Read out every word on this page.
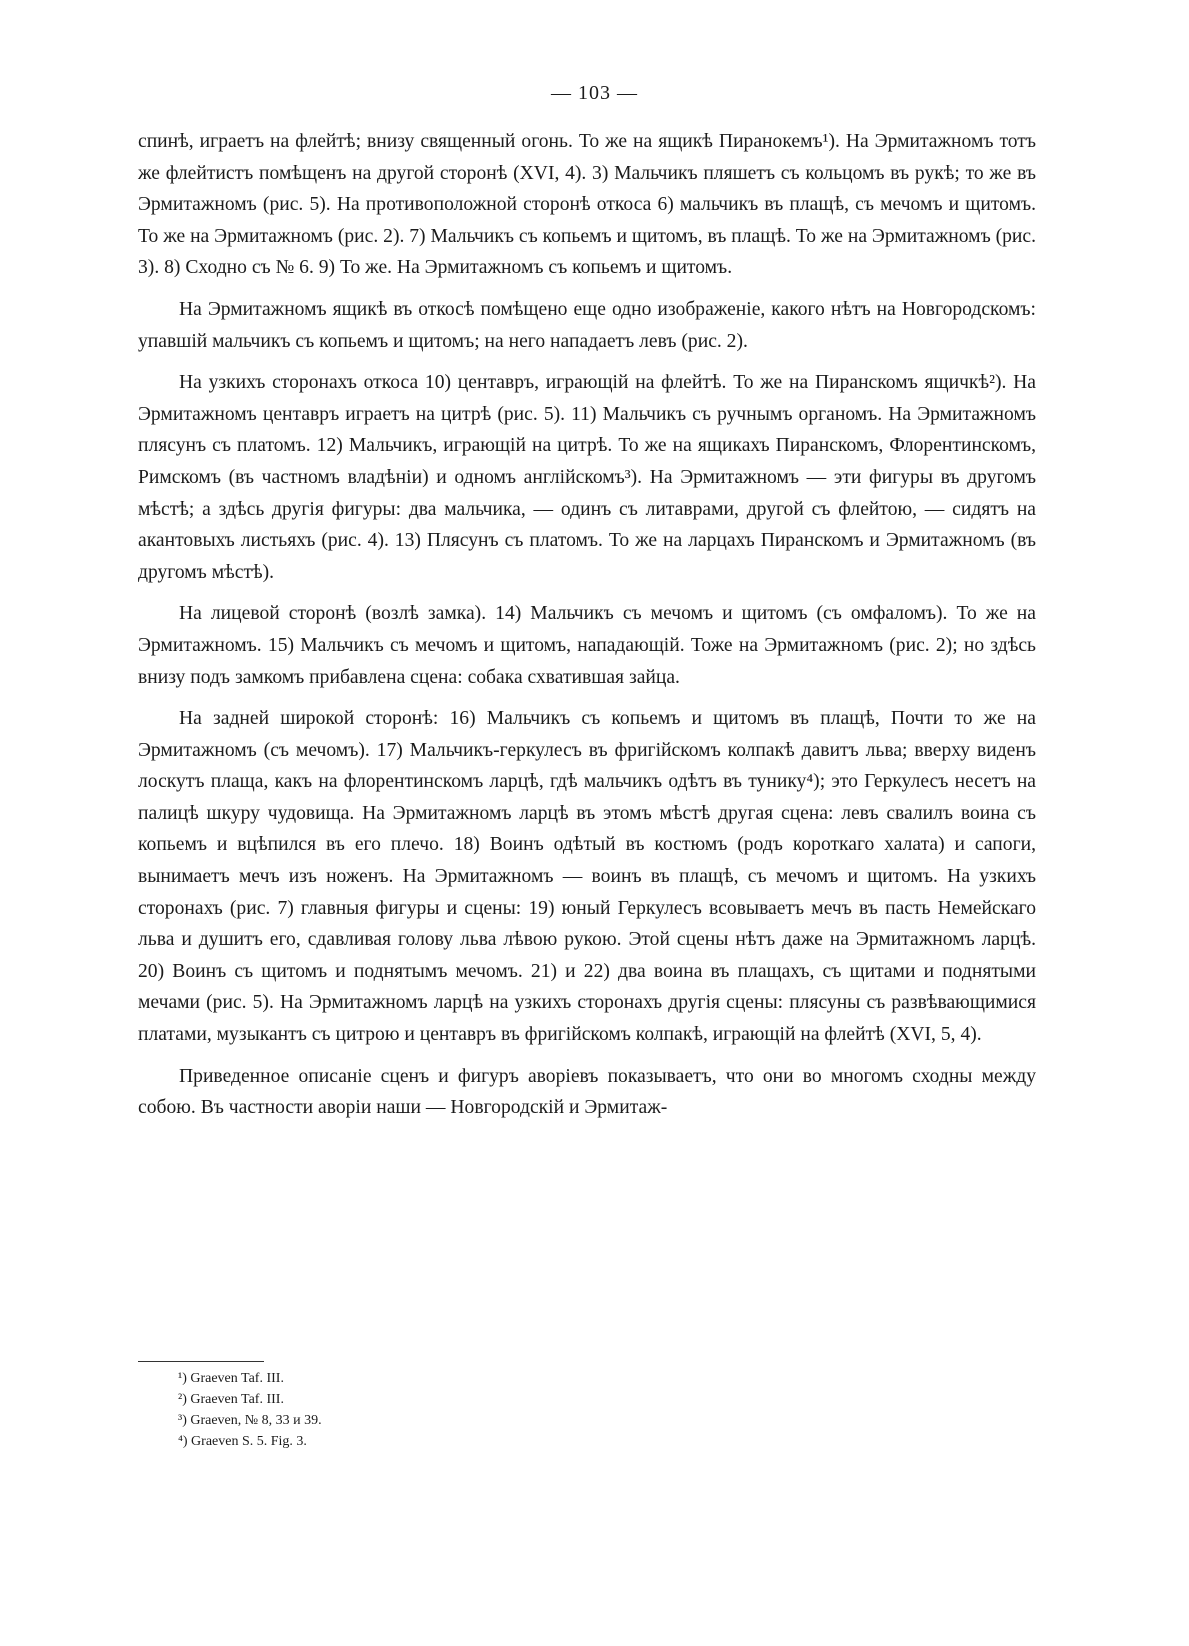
— 103 —

спинѣ, играетъ на флейтѣ; внизу священный огонь. То же на ящикѣ Пиранокемъ¹). На Эрмитажномъ тотъ же флейтистъ помѣщенъ на другой сторонѣ (XVI, 4). 3) Мальчикъ пляшетъ съ кольцомъ въ рукѣ; то же въ Эрмитажномъ (рис. 5). На противоположной сторонѣ откоса 6) мальчикъ въ плащѣ, съ мечомъ и щитомъ. То же на Эрмитажномъ (рис. 2). 7) Мальчикъ съ копьемъ и щитомъ, въ плащѣ. То же на Эрмитажномъ (рис. 3). 8) Сходно съ № 6. 9) То же. На Эрмитажномъ съ копьемъ и щитомъ.

На Эрмитажномъ ящикѣ въ откосѣ помѣщено еще одно изображенie, какого нѣтъ на Новгородскомъ: упавшій мальчикъ съ копьемъ и щитомъ; на него нападаетъ левъ (рис. 2).

На узкихъ сторонахъ откоса 10) центавръ, играющій на флейтѣ. То же на Пиранскомъ ящичкѣ²). На Эрмитажномъ центавръ играетъ на цитрѣ (рис. 5). 11) Мальчикъ съ ручнымъ органомъ. На Эрмитажномъ плясунъ съ платомъ. 12) Мальчикъ, играющій на цитрѣ. То же на ящикахъ Пиранскомъ, Флорентинскомъ, Римскомъ (въ частномъ владѣніи) и одномъ англійскомъ³). На Эрмитажномъ — эти фигуры въ другомъ мѣстѣ; а здѣсь другія фигуры: два мальчика, — одинъ съ литаврами, другой съ флейтою, — сидятъ на акантовыхъ листьяхъ (рис. 4). 13) Плясунъ съ платомъ. То же на ларцахъ Пиранскомъ и Эрмитажномъ (въ другомъ мѣстѣ).

На лицевой сторонѣ (возлѣ замка). 14) Мальчикъ съ мечомъ и щитомъ (съ омфаломъ). То же на Эрмитажномъ. 15) Мальчикъ съ мечомъ и щитомъ, нападающій. Тоже на Эрмитажномъ (рис. 2); но здѣсь внизу подъ замкомъ прибавлена сцена: собака схватившая зайца.

На задней широкой сторонѣ: 16) Мальчикъ съ копьемъ и щитомъ въ плащѣ, Почти то же на Эрмитажномъ (съ мечомъ). 17) Мальчикъ-геркулесъ въ фригійскомъ колпакѣ давитъ льва; вверху виденъ лоскутъ плаща, какъ на флорентинскомъ ларцѣ, гдѣ мальчикъ одѣтъ въ тунику⁴); это Геркулесъ несетъ на палицѣ шкуру чудовища. На Эрмитажномъ ларцѣ въ этомъ мѣстѣ другая сцена: левъ свалилъ воина съ копьемъ и вцѣпился въ его плечо. 18) Воинъ одѣтый въ костюмъ (родъ короткаго халата) и сапоги, вынимаетъ мечъ изъ ноженъ. На Эрмитажномъ — воинъ въ плащѣ, съ мечомъ и щитомъ. На узкихъ сторонахъ (рис. 7) главныя фигуры и сцены: 19) юный Геркулесъ всовываетъ мечъ въ пасть Немейскаго льва и душитъ его, сдавливая голову льва лѣвою рукою. Этой сцены нѣтъ даже на Эрмитажномъ ларцѣ. 20) Воинъ съ щитомъ и поднятымъ мечомъ. 21) и 22) два воина въ плащахъ, съ щитами и поднятыми мечами (рис. 5). На Эрмитажномъ ларцѣ на узкихъ сторонахъ другія сцены: плясуны съ развѣвающимися платами, музыкантъ съ цитрою и центавръ въ фригійскомъ колпакѣ, играющій на флейтѣ (XVI, 5, 4).

Приведенное описаніе сценъ и фигуръ авоpieвъ показываетъ, что они во многомъ сходны между собою. Въ частности аворіи наши — Новгородскій и Эрмитаж-

¹) Graeven Taf. III.
²) Graeven Taf. III.
³) Graeven, № 8, 33 и 39.
⁴) Graeven S. 5. Fig. 3.
